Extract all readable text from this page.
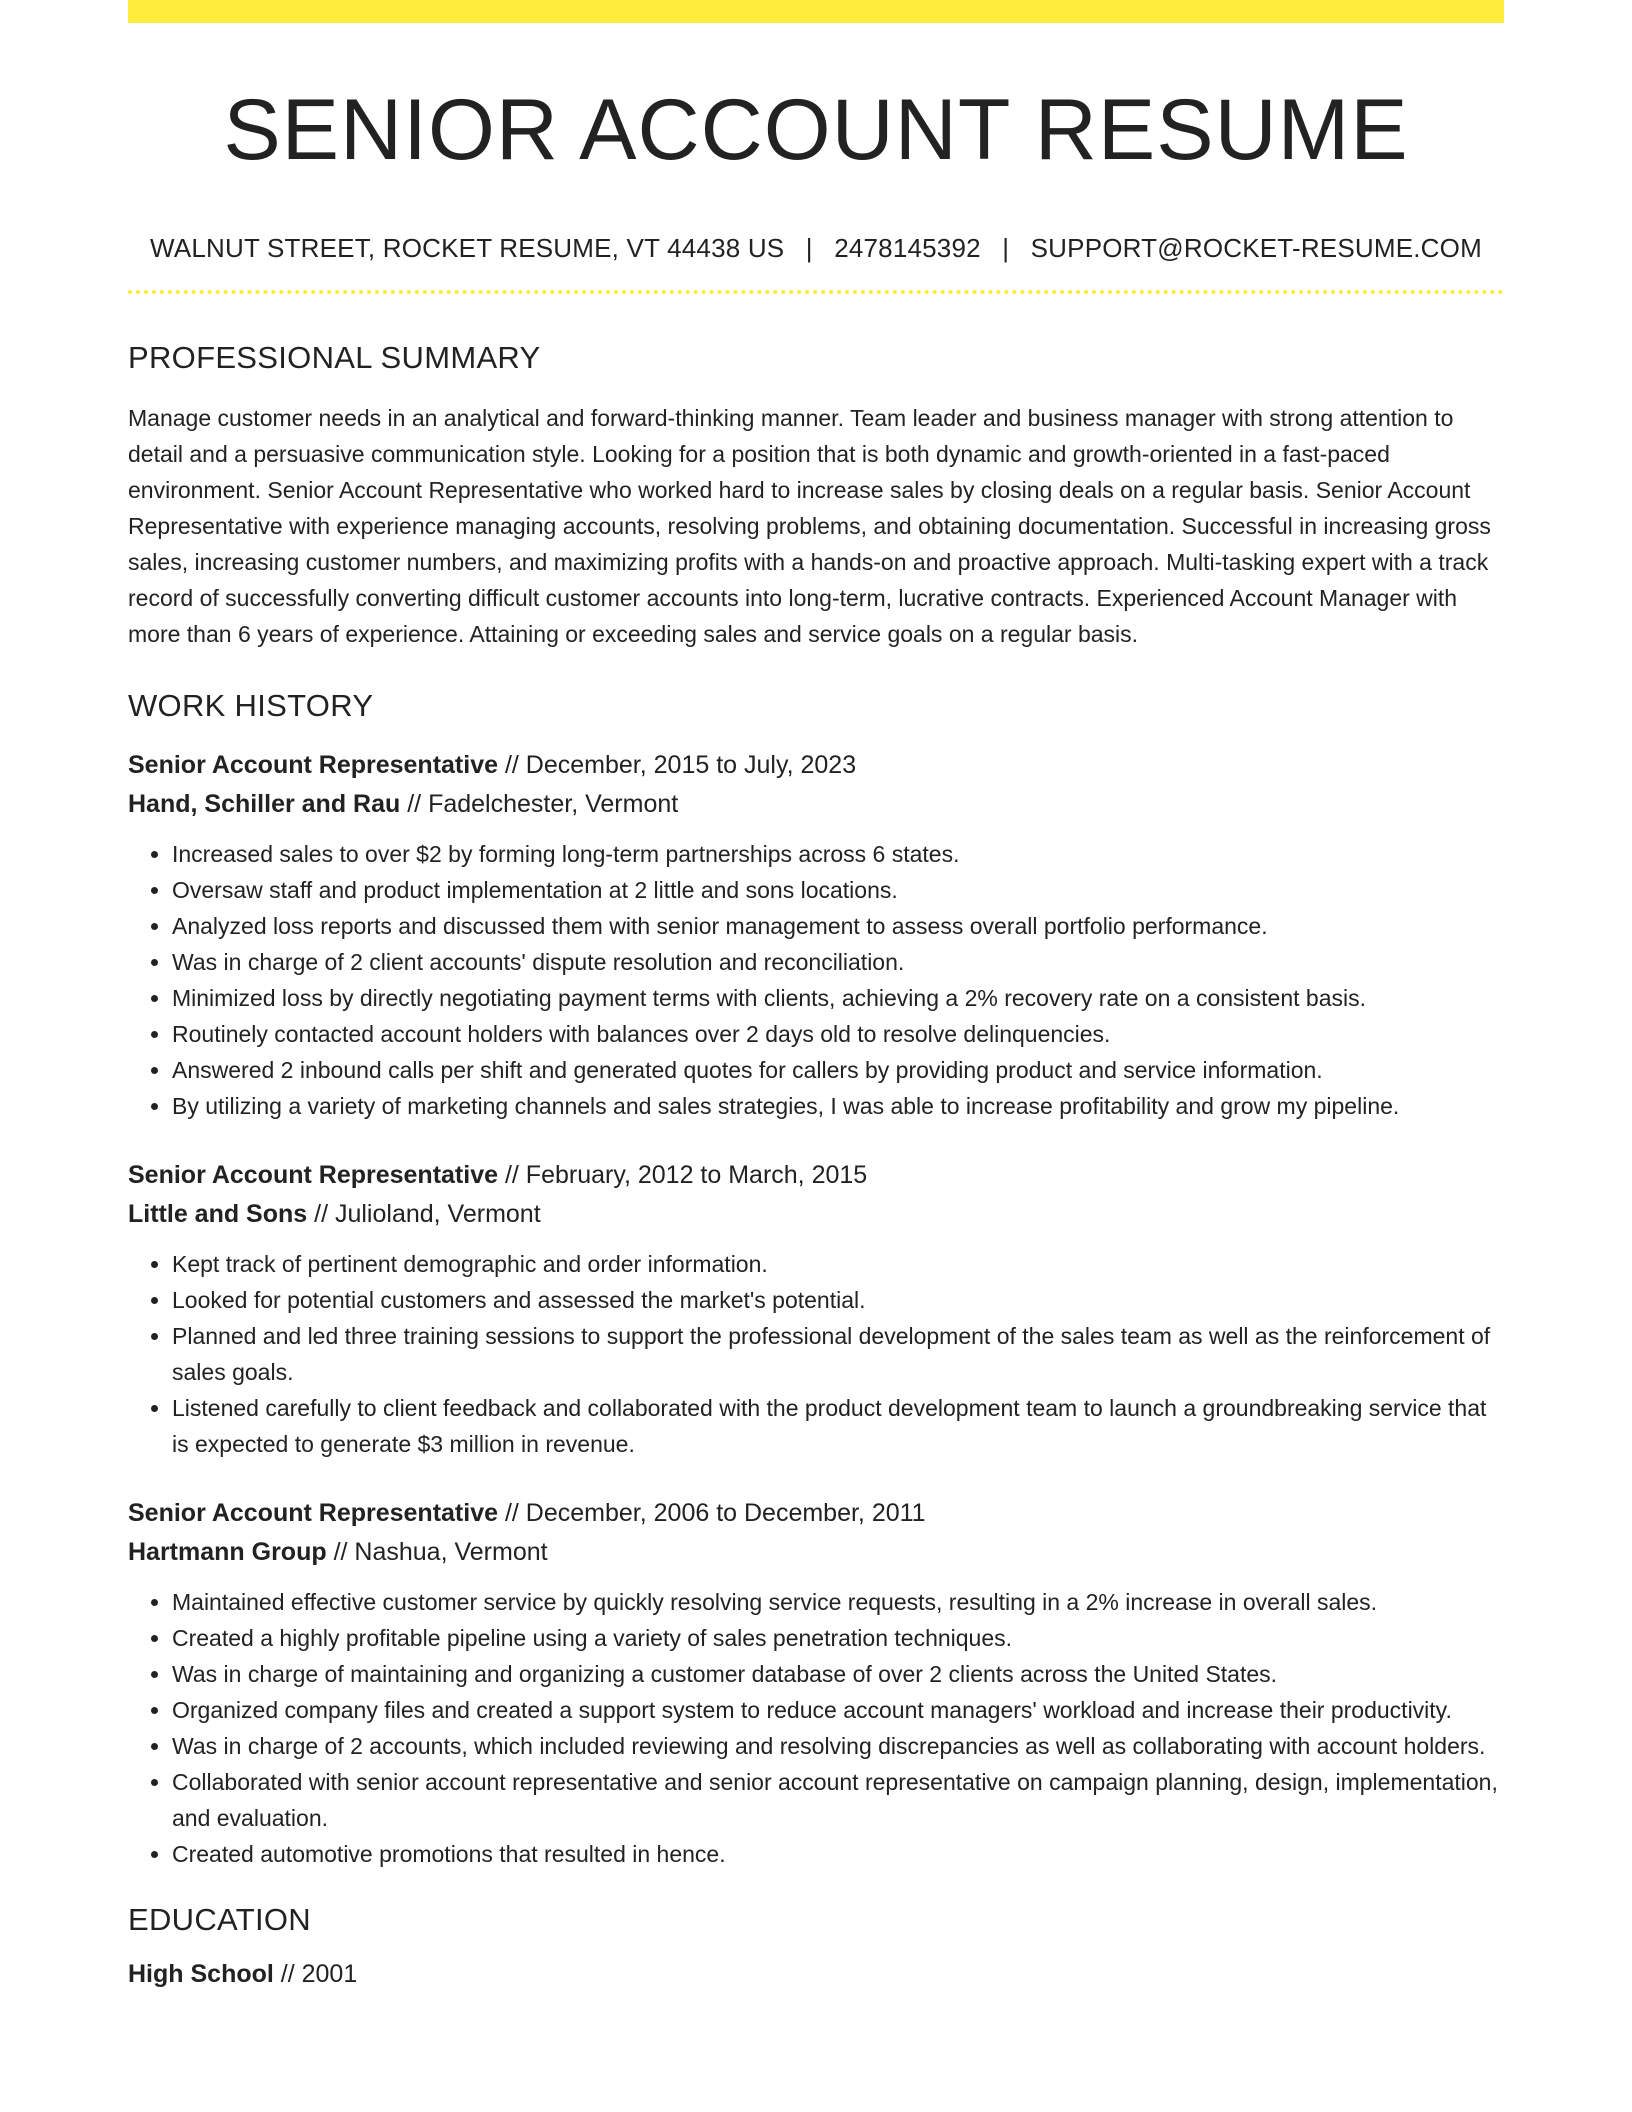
SENIOR ACCOUNT RESUME
WALNUT STREET, ROCKET RESUME, VT 44438 US | 2478145392 | SUPPORT@ROCKET-RESUME.COM
PROFESSIONAL SUMMARY

Manage customer needs in an analytical and forward-thinking manner. Team leader and business manager with strong attention to detail and a persuasive communication style. Looking for a position that is both dynamic and growth-oriented in a fast-paced environment. Senior Account Representative who worked hard to increase sales by closing deals on a regular basis. Senior Account Representative with experience managing accounts, resolving problems, and obtaining documentation. Successful in increasing gross sales, increasing customer numbers, and maximizing profits with a hands-on and proactive approach. Multi-tasking expert with a track record of successfully converting difficult customer accounts into long-term, lucrative contracts. Experienced Account Manager with more than 6 years of experience. Attaining or exceeding sales and service goals on a regular basis.

WORK HISTORY
Senior Account Representative // December, 2015 to July, 2023
Hand, Schiller and Rau // Fadelchester, Vermont
• Increased sales to over $2 by forming long-term partnerships across 6 states.
• Oversaw staff and product implementation at 2 little and sons locations.
• Analyzed loss reports and discussed them with senior management to assess overall portfolio performance.
• Was in charge of 2 client accounts' dispute resolution and reconciliation.
• Minimized loss by directly negotiating payment terms with clients, achieving a 2% recovery rate on a consistent basis.
• Routinely contacted account holders with balances over 2 days old to resolve delinquencies.
• Answered 2 inbound calls per shift and generated quotes for callers by providing product and service information.
• By utilizing a variety of marketing channels and sales strategies, I was able to increase profitability and grow my pipeline.
Senior Account Representative // February, 2012 to March, 2015
Little and Sons // Julioland, Vermont
• Kept track of pertinent demographic and order information.
• Looked for potential customers and assessed the market's potential.
• Planned and led three training sessions to support the professional development of the sales team as well as the reinforcement of sales goals.
• Listened carefully to client feedback and collaborated with the product development team to launch a groundbreaking service that is expected to generate $3 million in revenue.
Senior Account Representative // December, 2006 to December, 2011
Hartmann Group // Nashua, Vermont
• Maintained effective customer service by quickly resolving service requests, resulting in a 2% increase in overall sales.
• Created a highly profitable pipeline using a variety of sales penetration techniques.
• Was in charge of maintaining and organizing a customer database of over 2 clients across the United States.
• Organized company files and created a support system to reduce account managers' workload and increase their productivity.
• Was in charge of 2 accounts, which included reviewing and resolving discrepancies as well as collaborating with account holders.
• Collaborated with senior account representative and senior account representative on campaign planning, design, implementation, and evaluation.
• Created automotive promotions that resulted in hence.
EDUCATION
High School // 2001
